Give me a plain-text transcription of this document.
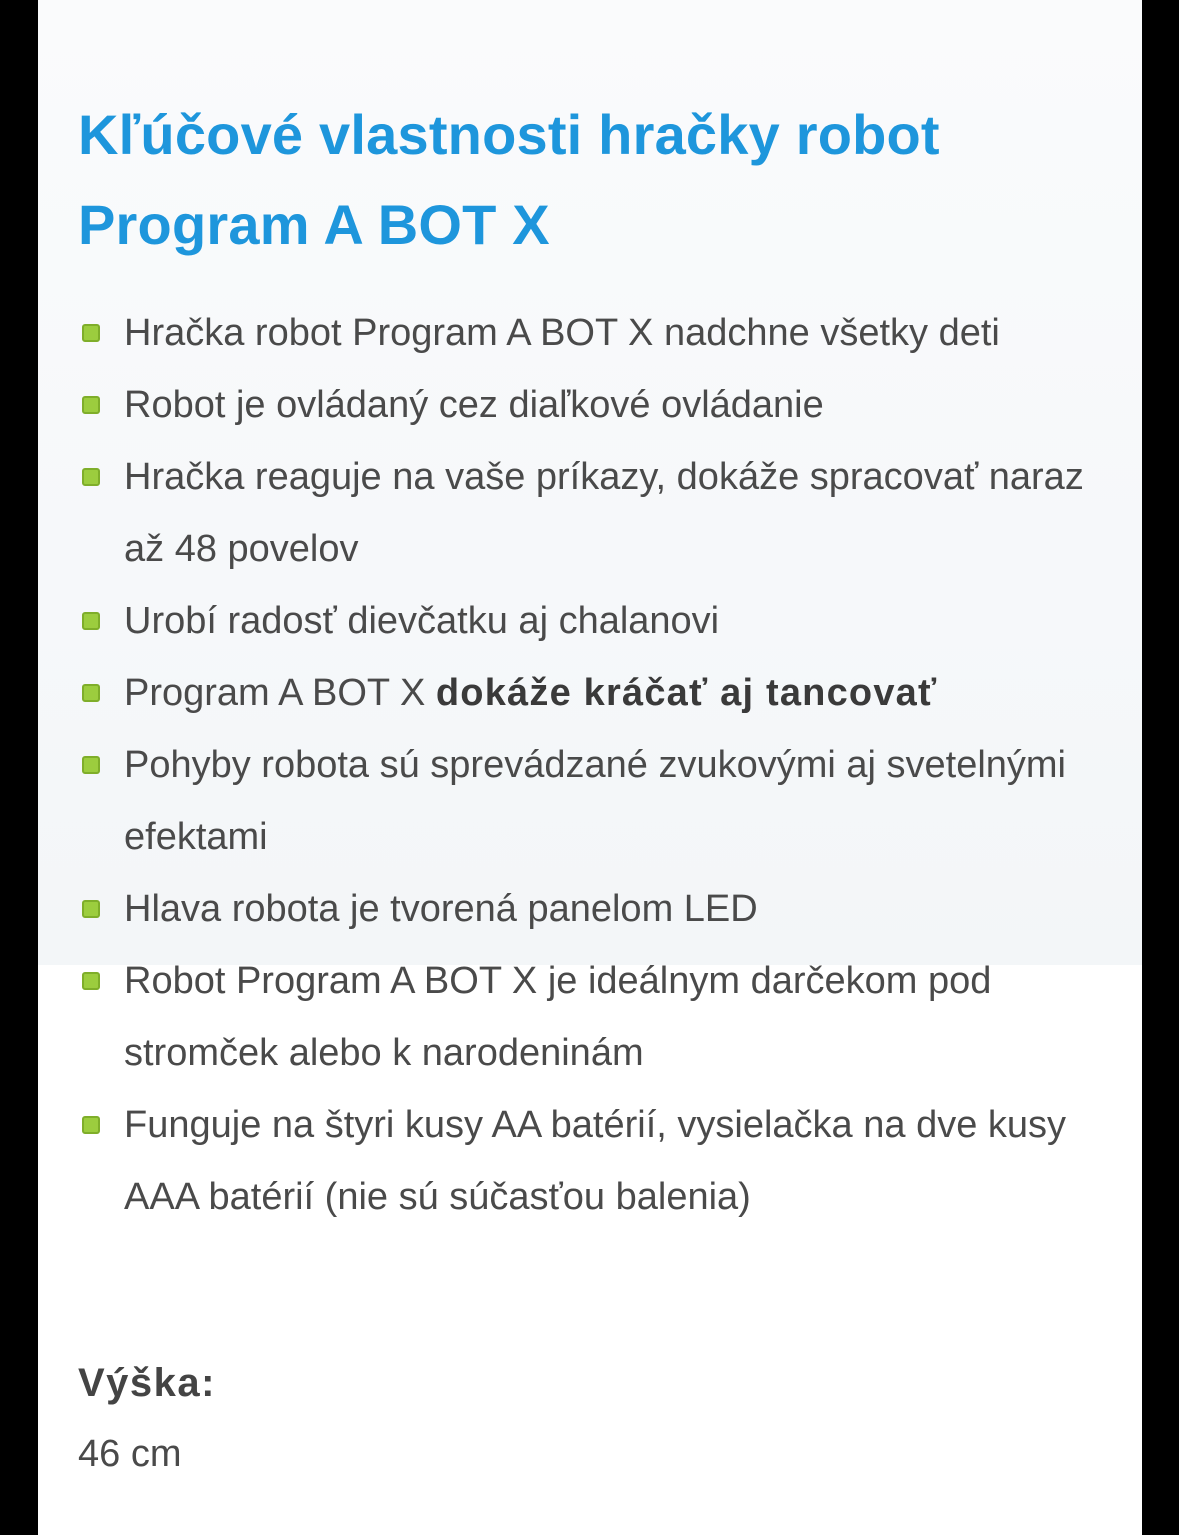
Kľúčové vlastnosti hračky robot Program A BOT X
Hračka robot Program A BOT X nadchne všetky deti
Robot je ovládaný cez diaľkové ovládanie
Hračka reaguje na vaše príkazy, dokáže spracovať naraz až 48 povelov
Urobí radosť dievčatku aj chalanovi
Program A BOT X dokáže kráčať aj tancovať
Pohyby robota sú sprevádzané zvukovými aj svetelnými efektami
Hlava robota je tvorená panelom LED
Robot Program A BOT X je ideálnym darčekom pod stromček alebo k narodeninám
Funguje na štyri kusy AA batérií, vysielačka na dve kusy AAA batérií (nie sú súčasťou balenia)

Výška:

46 cm
